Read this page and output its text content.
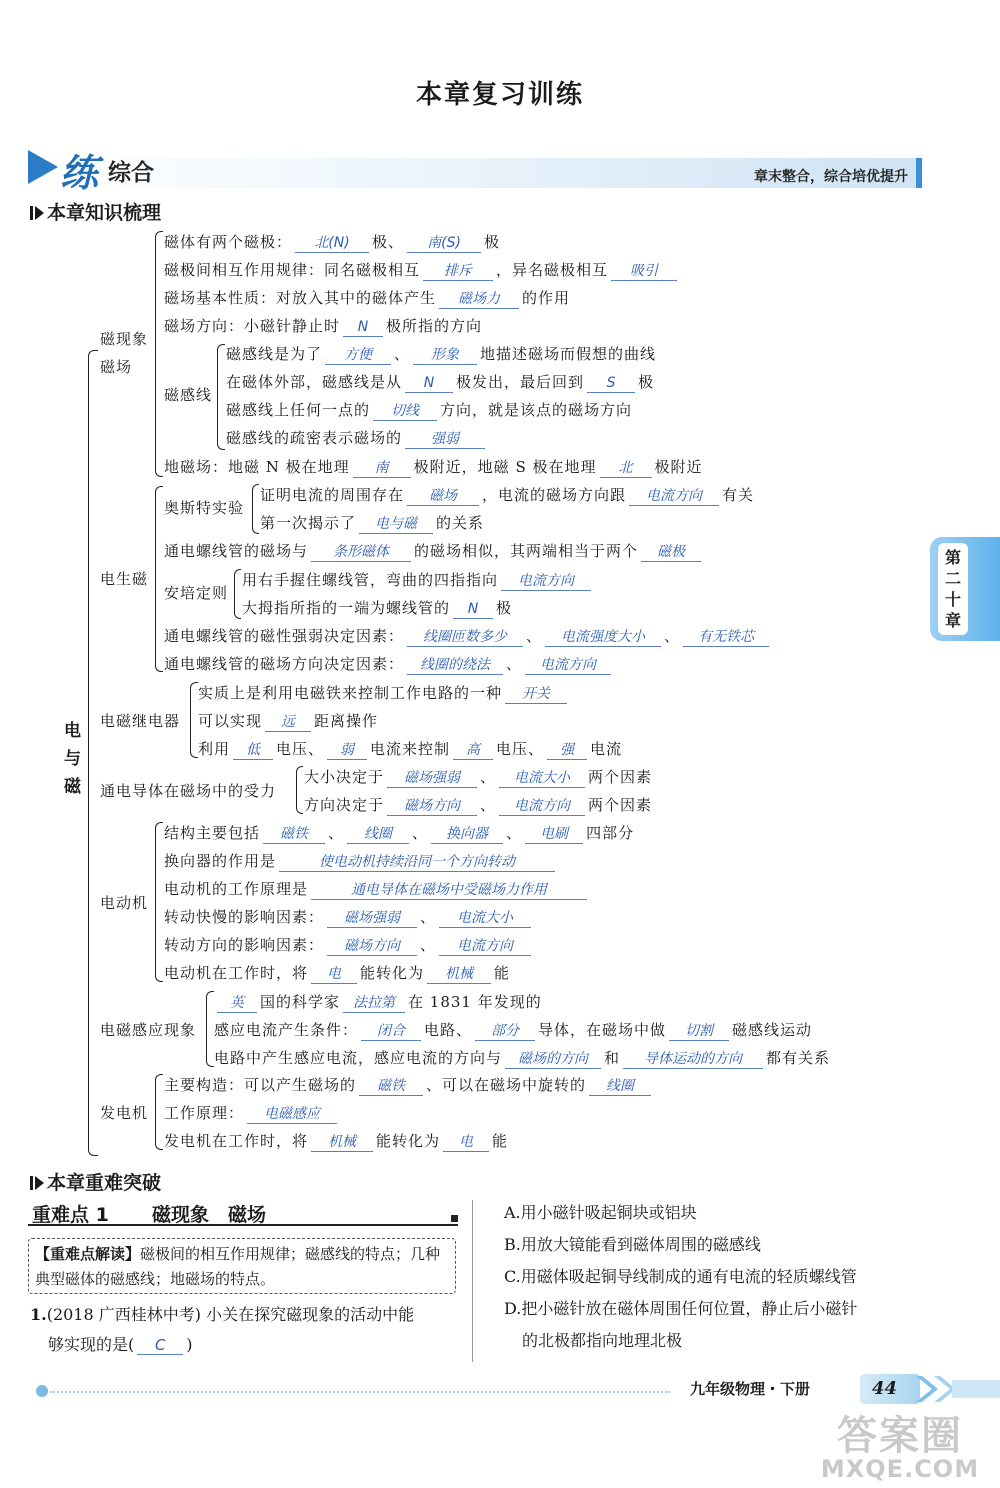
本章复习训练
练 综合	章末整合，综合培优提升
本章知识梳理
第
二
十
章
电
与
磁
磁现象
磁场
磁体有两个磁极： 北(N) 极、 南(S) 极
磁极间相互作用规律：同名磁极相互 排斥 ，异名磁极相互 吸引
磁场基本性质：对放入其中的磁体产生 磁场力 的作用
磁场方向：小磁针静止时 N 极所指的方向
磁感线
磁感线是为了 方便 、 形象 地描述磁场而假想的曲线
在磁体外部，磁感线是从 N 极发出，最后回到 S 极
磁感线上任何一点的 切线 方向，就是该点的磁场方向
磁感线的疏密表示磁场的 强弱
地磁场：地磁 N 极在地理 南 极附近，地磁 S 极在地理 北 极附近
电生磁
奥斯特实验
证明电流的周围存在 磁场 ，电流的磁场方向跟 电流方向 有关
第一次揭示了 电与磁 的关系
通电螺线管的磁场与 条形磁体 的磁场相似，其两端相当于两个 磁极
安培定则
用右手握住螺线管，弯曲的四指指向 电流方向
大拇指所指的一端为螺线管的 N 极
通电螺线管的磁性强弱决定因素： 线圈匝数多少 、 电流强度大小 、 有无铁芯
通电螺线管的磁场方向决定因素： 线圈的绕法 、 电流方向
电磁继电器
实质上是利用电磁铁来控制工作电路的一种 开关
可以实现 远 距离操作
利用 低 电压、 弱 电流来控制 高 电压、 强 电流
通电导体在磁场中的受力
大小决定于 磁场强弱 、 电流大小 两个因素
方向决定于 磁场方向 、 电流方向 两个因素
电动机
结构主要包括 磁铁 、 线圈 、 换向器 、 电刷 四部分
换向器的作用是	使电动机持续沿同一个方向转动
电动机的工作原理是	通电导体在磁场中受磁场力作用
转动快慢的影响因素： 磁场强弱 、 电流大小
转动方向的影响因素： 磁场方向 、 电流方向
电动机在工作时，将 电 能转化为 机械 能
电磁感应现象
英 国的科学家 法拉第 在 1831 年发现的
感应电流产生条件： 闭合 电路、 部分 导体，在磁场中做 切割 磁感线运动
电路中产生感应电流，感应电流的方向与 磁场的方向 和 导体运动的方向 都有关系
发电机
主要构造：可以产生磁场的 磁铁 、可以在磁场中旋转的 线圈
工作原理： 电磁感应
发电机在工作时，将 机械 能转化为 电 能
本章重难突破
重难点 1 磁现象　磁场
【重难点解读】磁极间的相互作用规律；磁感线的特点；几种典型磁体的磁感线；地磁场的特点。
1.(2018 广西桂林中考) 小关在探究磁现象的活动中能
够实现的是( C )
A.用小磁针吸起铜块或铝块
B.用放大镜能看到磁体周围的磁感线
C.用磁体吸起铜导线制成的通有电流的轻质螺线管
D.把小磁针放在磁体周围任何位置，静止后小磁针
的北极都指向地理北极
九年级物理・下册	44
答案圈
MXQE.COM
